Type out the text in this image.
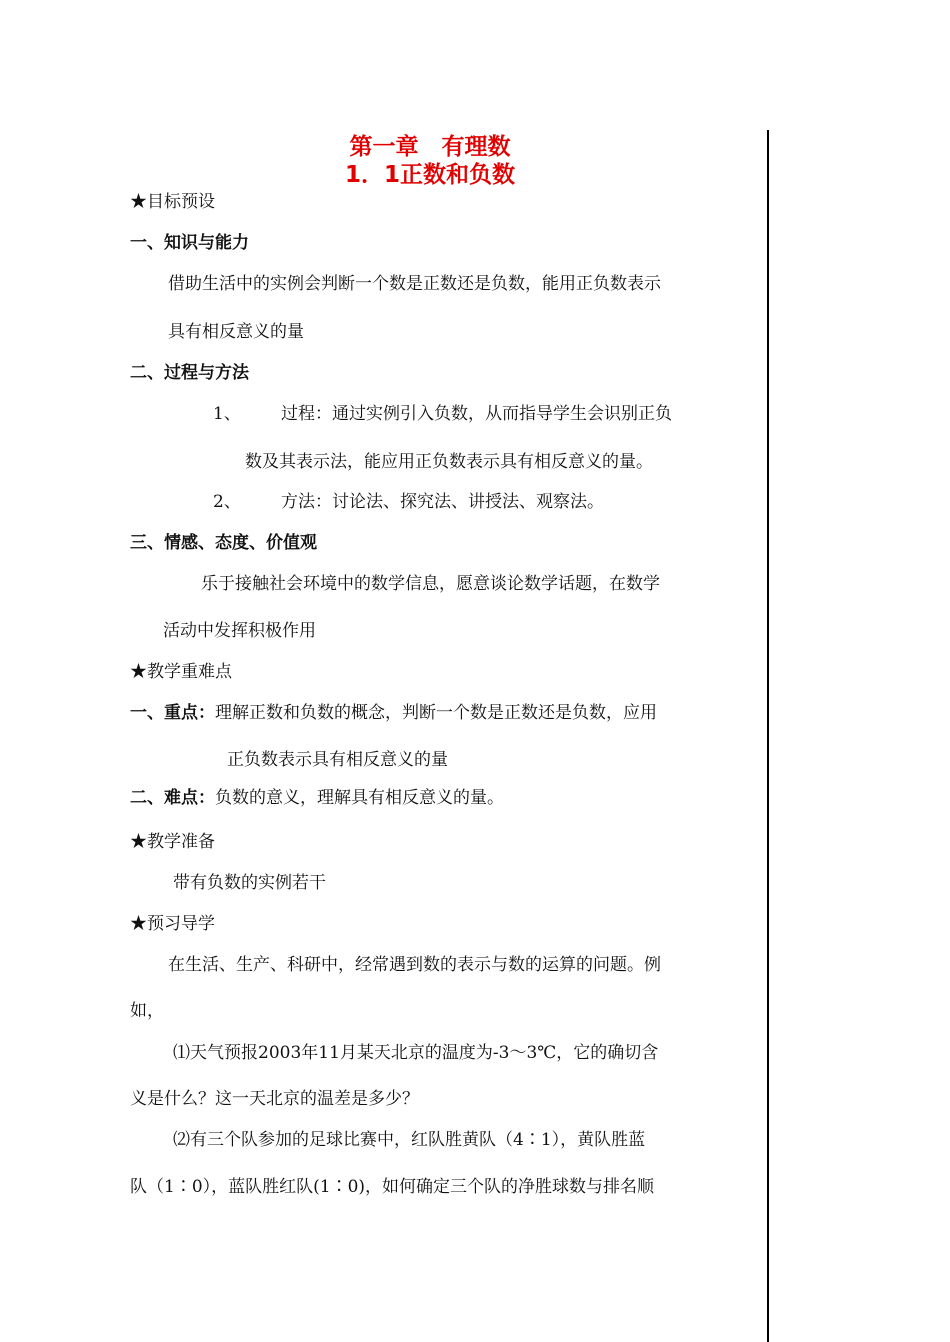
第一章　有理数
1．1正数和负数
★目标预设
一、知识与能力
借助生活中的实例会判断一个数是正数还是负数，能用正负数表示
具有相反意义的量
二、过程与方法
1、 过程：通过实例引入负数，从而指导学生会识别正负
数及其表示法，能应用正负数表示具有相反意义的量。
2、 方法：讨论法、探究法、讲授法、观察法。
三、情感、态度、价值观
乐于接触社会环境中的数学信息，愿意谈论数学话题，在数学
活动中发挥积极作用
★教学重难点
一、重点：理解正数和负数的概念，判断一个数是正数还是负数，应用
正负数表示具有相反意义的量
二、难点：负数的意义，理解具有相反意义的量。
★教学准备
带有负数的实例若干
★预习导学
在生活、生产、科研中，经常遇到数的表示与数的运算的问题。例
如，
⑴天气预报2003年11月某天北京的温度为-3～3℃，它的确切含
义是什么？这一天北京的温差是多少？
⑵有三个队参加的足球比赛中，红队胜黄队（4∶1），黄队胜蓝
队（1∶0），蓝队胜红队(1∶0)，如何确定三个队的净胜球数与排名顺
